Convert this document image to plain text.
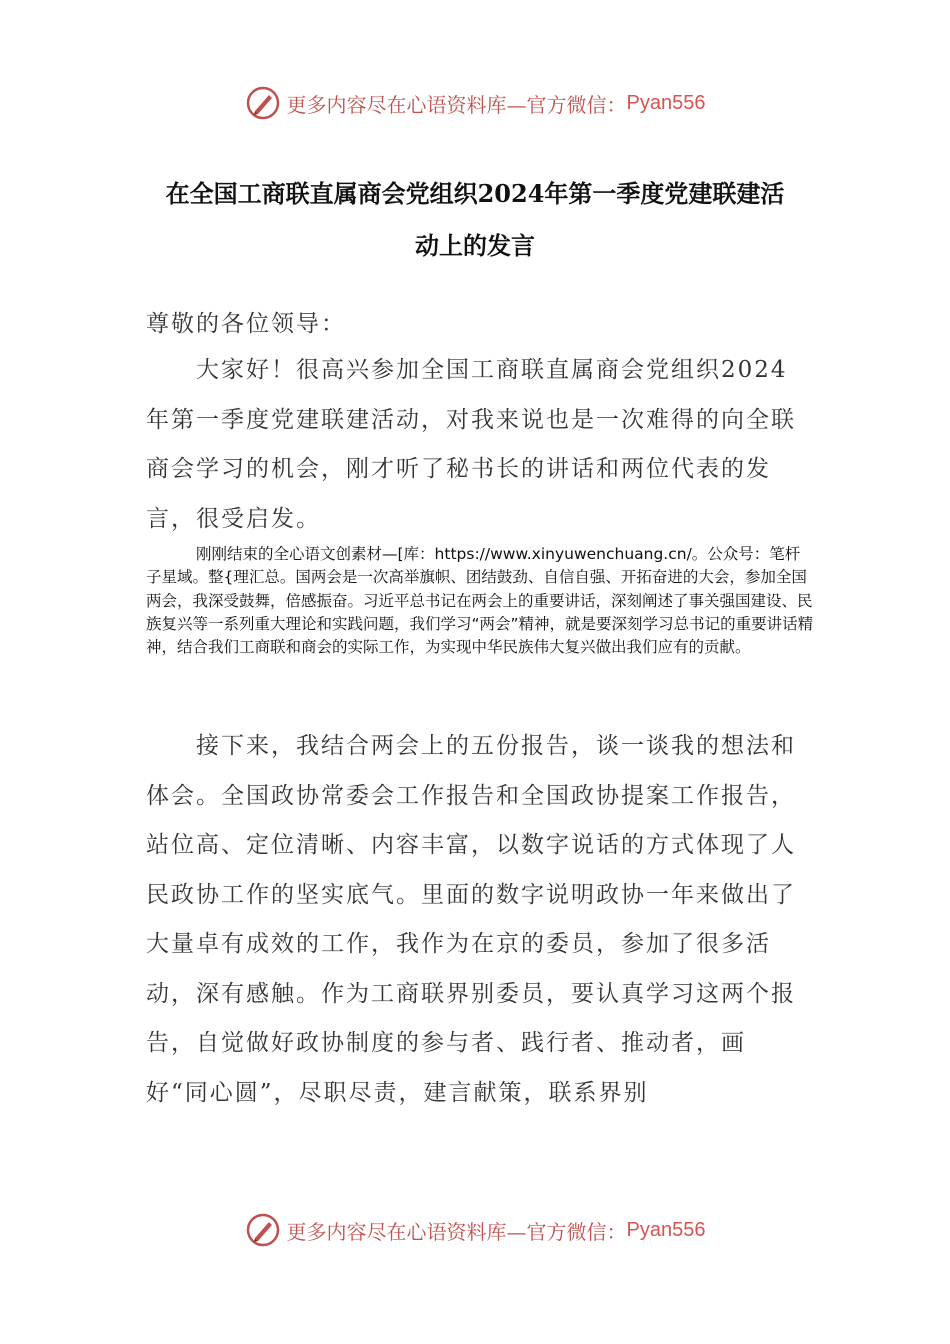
更多内容尽在心语资料库—官方微信： Pyan556
在全国工商联直属商会党组织2024年第一季度党建联建活
动上的发言
尊敬的各位领导：
大家好！很高兴参加全国工商联直属商会党组织2024年第一季度党建联建活动，对我来说也是一次难得的向全联商会学习的机会，刚才听了秘书长的讲话和两位代表的发言，很受启发。
刚刚结束的全心语文创素材—[库：https://www.xinyuwenchuang.cn/。公众号：笔杆子星域。整{理汇总。国两会是一次高举旗帜、团结鼓劲、自信自强、开拓奋进的大会，参加全国两会，我深受鼓舞，倍感振奋。习近平总书记在两会上的重要讲话，深刻阐述了事关强国建设、民族复兴等一系列重大理论和实践问题，我们学习“两会”精神，就是要深刻学习总书记的重要讲话精神，结合我们工商联和商会的实际工作，为实现中华民族伟大复兴做出我们应有的贡献。
接下来，我结合两会上的五份报告，谈一谈我的想法和体会。全国政协常委会工作报告和全国政协提案工作报告，站位高、定位清晰、内容丰富，以数字说话的方式体现了人民政协工作的坚实底气。里面的数字说明政协一年来做出了大量卓有成效的工作，我作为在京的委员，参加了很多活动，深有感触。作为工商联界别委员，要认真学习这两个报告，自觉做好政协制度的参与者、践行者、推动者，画好“同心圆”，尽职尽责，建言献策，联系界别
更多内容尽在心语资料库—官方微信： Pyan556
